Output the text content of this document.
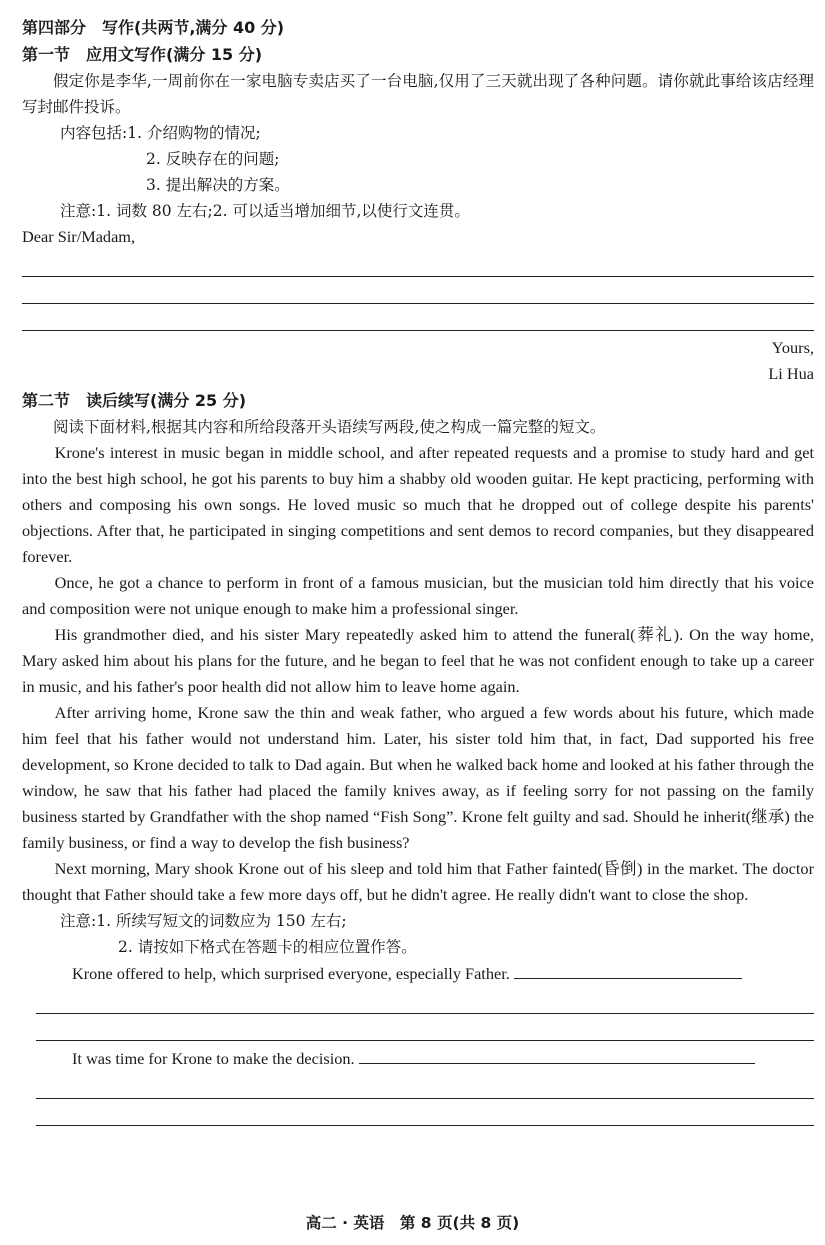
第四部分　写作(共两节,满分 40 分)

第一节　应用文写作(满分 15 分)

假定你是李华,一周前你在一家电脑专卖店买了一台电脑,仅用了三天就出现了各种问题。请你就此事给该店经理写封邮件投诉。

内容包括:1. 介绍购物的情况;

2. 反映存在的问题;

3. 提出解决的方案。

注意:1. 词数 80 左右;2. 可以适当增加细节,以使行文连贯。

Dear Sir/Madam,

Yours,

Li Hua

第二节　读后续写(满分 25 分)

阅读下面材料,根据其内容和所给段落开头语续写两段,使之构成一篇完整的短文。

Krone's interest in music began in middle school, and after repeated requests and a promise to study hard and get into the best high school, he got his parents to buy him a shabby old wooden guitar. He kept practicing, performing with others and composing his own songs. He loved music so much that he dropped out of college despite his parents' objections. After that, he participated in singing competitions and sent demos to record companies, but they disappeared forever.

Once, he got a chance to perform in front of a famous musician, but the musician told him directly that his voice and composition were not unique enough to make him a professional singer.

His grandmother died, and his sister Mary repeatedly asked him to attend the funeral(葬礼). On the way home, Mary asked him about his plans for the future, and he began to feel that he was not confident enough to take up a career in music, and his father's poor health did not allow him to leave home again.

After arriving home, Krone saw the thin and weak father, who argued a few words about his future, which made him feel that his father would not understand him. Later, his sister told him that, in fact, Dad supported his free development, so Krone decided to talk to Dad again. But when he walked back home and looked at his father through the window, he saw that his father had placed the family knives away, as if feeling sorry for not passing on the family business started by Grandfather with the shop named “Fish Song”. Krone felt guilty and sad. Should he inherit(继承) the family business, or find a way to develop the fish business?

Next morning, Mary shook Krone out of his sleep and told him that Father fainted(昏倒) in the market. The doctor thought that Father should take a few more days off, but he didn't agree. He really didn't want to close the shop.

注意:1. 所续写短文的词数应为 150 左右;

2. 请按如下格式在答题卡的相应位置作答。

Krone offered to help, which surprised everyone, especially Father.

It was time for Krone to make the decision.

高二 · 英语　第 8 页(共 8 页)
